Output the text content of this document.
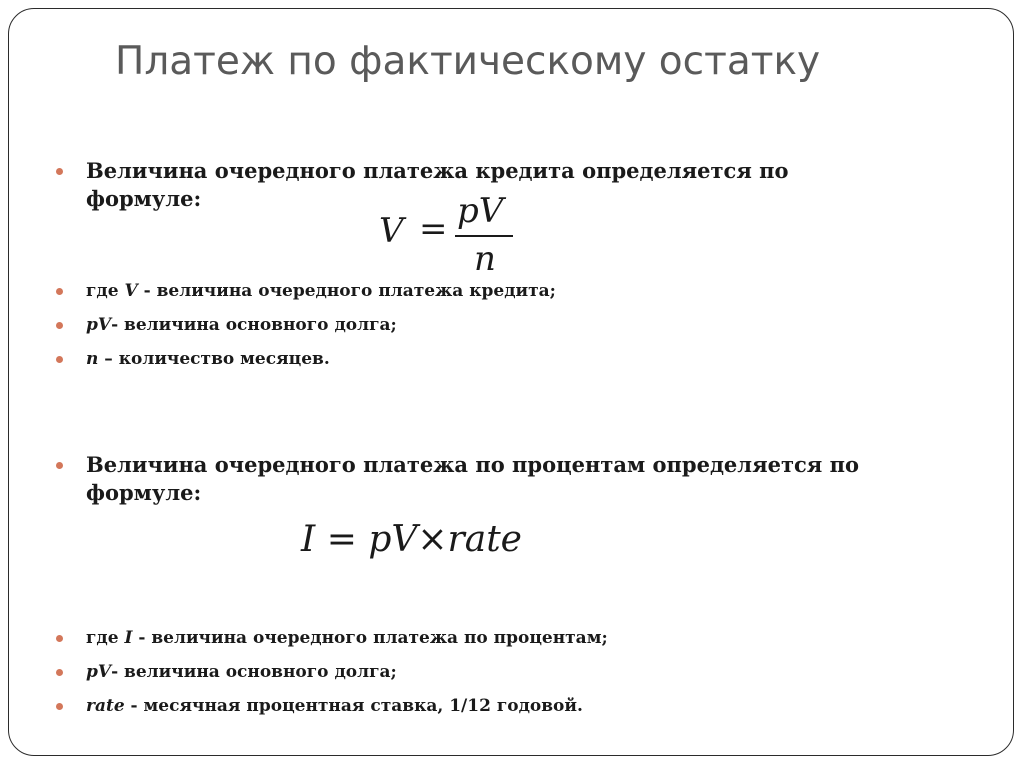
Платеж по фактическому остатку
Величина очередного платежа кредита определяется по формуле:
V = pV
n
где V - величина очередного платежа кредита;
pV- величина основного долга;
n – количество месяцев.
Величина очередного платежа по процентам определяется по формуле:
I = pV×rate
где I - величина очередного платежа по процентам;
pV- величина основного долга;
rate - месячная процентная ставка, 1/12 годовой.
